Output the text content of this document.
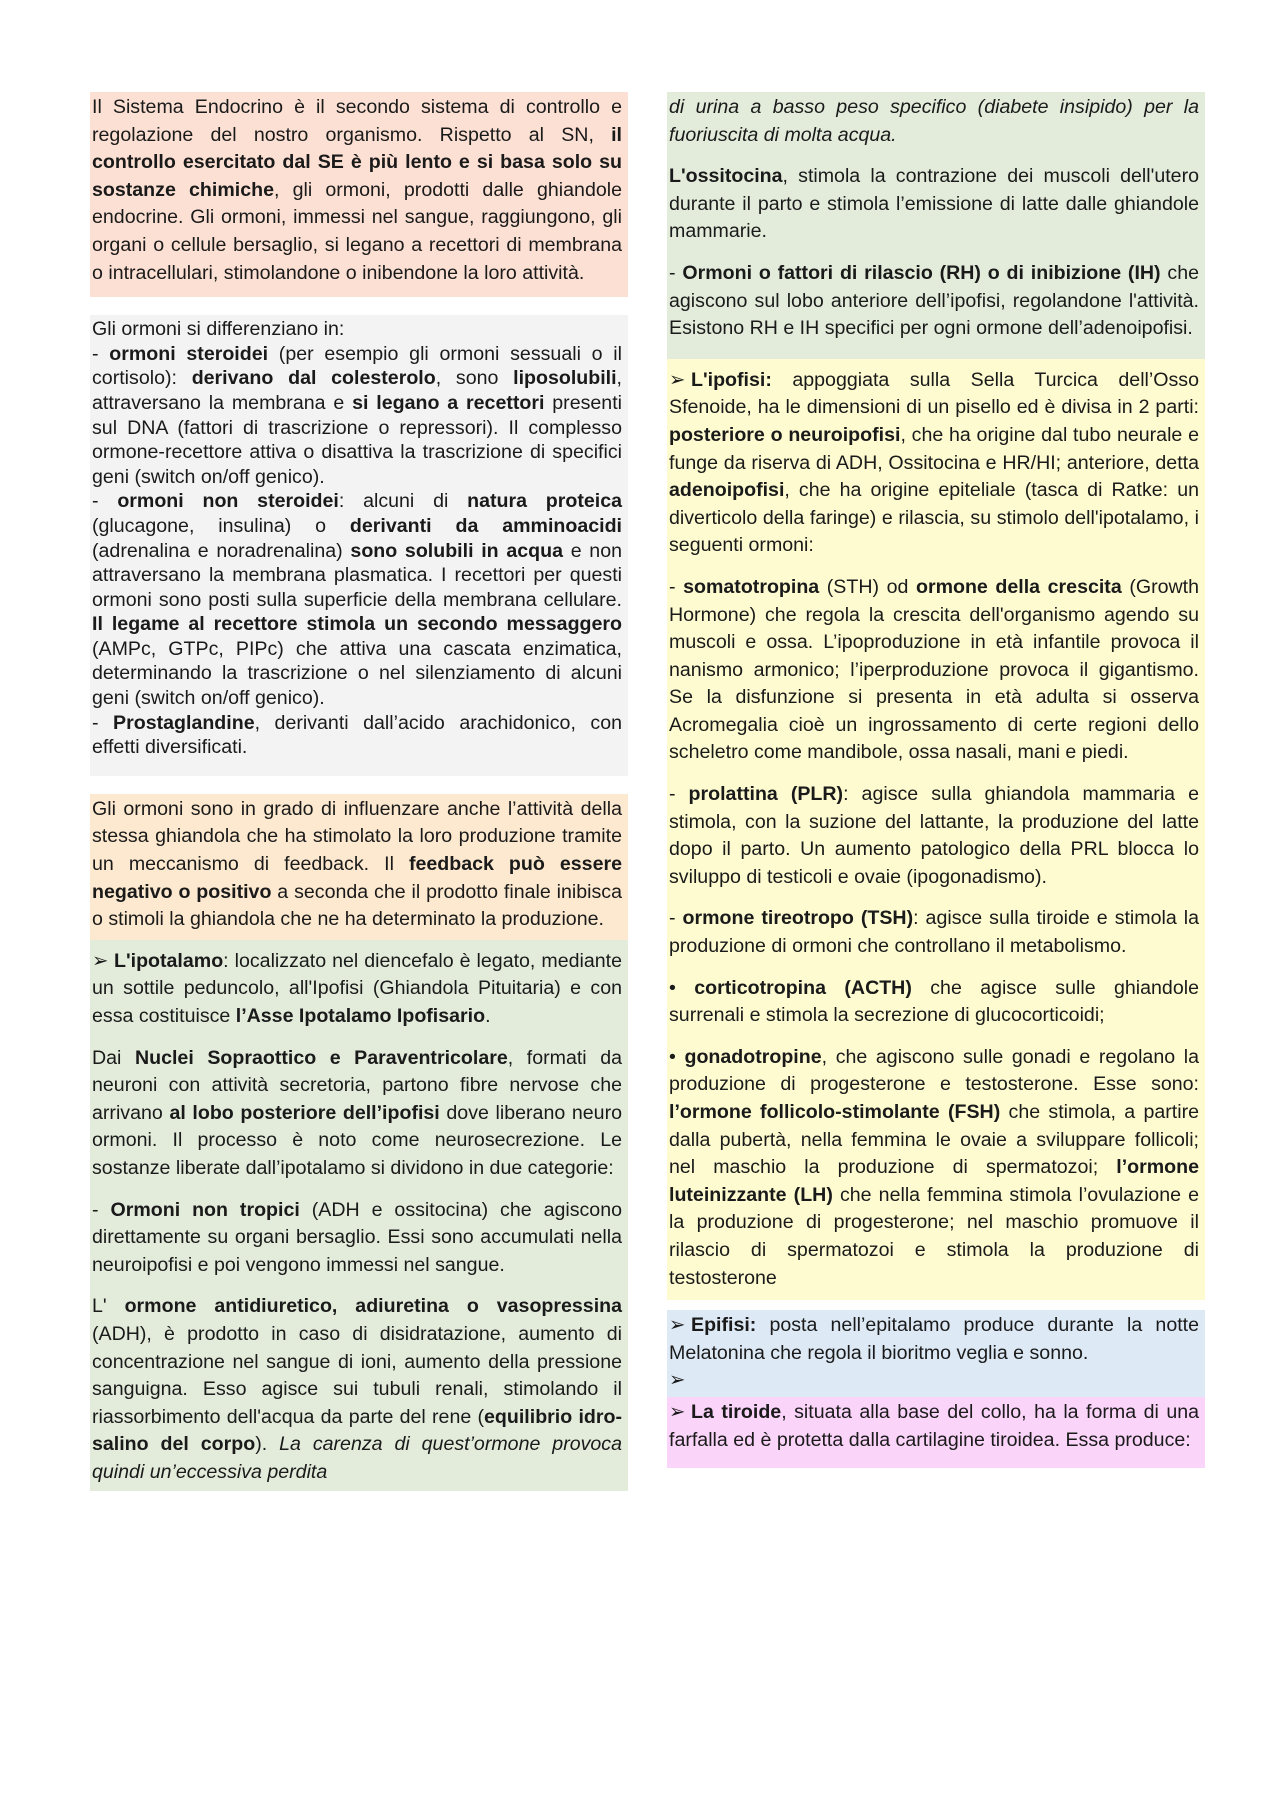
Il Sistema Endocrino è il secondo sistema di controllo e regolazione del nostro organismo. Rispetto al SN, il controllo esercitato dal SE è più lento e si basa solo su sostanze chimiche, gli ormoni, prodotti dalle ghiandole endocrine. Gli ormoni, immessi nel sangue, raggiungono, gli organi o cellule bersaglio, si legano a recettori di membrana o intracellulari, stimolandone o inibendone la loro attività.

Gli ormoni si differenziano in:

- ormoni steroidei (per esempio gli ormoni sessuali o il cortisolo): derivano dal colesterolo, sono liposolubili, attraversano la membrana e si legano a recettori presenti sul DNA (fattori di trascrizione o repressori). Il complesso ormone-recettore attiva o disattiva la trascrizione di specifici geni (switch on/off genico).

- ormoni non steroidei: alcuni di natura proteica (glucagone, insulina) o derivanti da amminoacidi (adrenalina e noradrenalina) sono solubili in acqua e non attraversano la membrana plasmatica. I recettori per questi ormoni sono posti sulla superficie della membrana cellulare. Il legame al recettore stimola un secondo messaggero (AMPc, GTPc, PIPc) che attiva una cascata enzimatica, determinando la trascrizione o nel silenziamento di alcuni geni (switch on/off genico).

- Prostaglandine, derivanti dall’acido arachidonico, con effetti diversificati.

Gli ormoni sono in grado di influenzare anche l’attività della stessa ghiandola che ha stimolato la loro produzione tramite un meccanismo di feedback. Il feedback può essere negativo o positivo a seconda che il prodotto finale inibisca o stimoli la ghiandola che ne ha determinato la produzione.

➢L'ipotalamo: localizzato nel diencefalo è legato, mediante un sottile peduncolo, all'Ipofisi (Ghiandola Pituitaria) e con essa costituisce l’Asse Ipotalamo Ipofisario.

Dai Nuclei Sopraottico e Paraventricolare, formati da neuroni con attività secretoria, partono fibre nervose che arrivano al lobo posteriore dell’ipofisi dove liberano neuro ormoni. Il processo è noto come neurosecrezione. Le sostanze liberate dall’ipotalamo si dividono in due categorie:

- Ormoni non tropici (ADH e ossitocina) che agiscono direttamente su organi bersaglio. Essi sono accumulati nella neuroipofisi e poi vengono immessi nel sangue.

L' ormone antidiuretico, adiuretina o vasopressina (ADH), è prodotto in caso di disidratazione, aumento di concentrazione nel sangue di ioni, aumento della pressione sanguigna. Esso agisce sui tubuli renali, stimolando il riassorbimento dell'acqua da parte del rene (equilibrio idro-salino del corpo). La carenza di quest’ormone provoca quindi un’eccessiva perdita

di urina a basso peso specifico (diabete insipido) per la fuoriuscita di molta acqua.

L'ossitocina, stimola la contrazione dei muscoli dell'utero durante il parto e stimola l’emissione di latte dalle ghiandole mammarie.

- Ormoni o fattori di rilascio (RH) o di inibizione (IH) che agiscono sul lobo anteriore dell’ipofisi, regolandone l'attività. Esistono RH e IH specifici per ogni ormone dell’adenoipofisi.

➢L'ipofisi: appoggiata sulla Sella Turcica dell’Osso Sfenoide, ha le dimensioni di un pisello ed è divisa in 2 parti: posteriore o neuroipofisi, che ha origine dal tubo neurale e funge da riserva di ADH, Ossitocina e HR/HI; anteriore, detta adenoipofisi, che ha origine epiteliale (tasca di Ratke: un diverticolo della faringe) e rilascia, su stimolo dell'ipotalamo, i seguenti ormoni:

- somatotropina (STH) od ormone della crescita (Growth Hormone) che regola la crescita dell'organismo agendo su muscoli e ossa. L’ipoproduzione in età infantile provoca il nanismo armonico; l’iperproduzione provoca il gigantismo. Se la disfunzione si presenta in età adulta si osserva Acromegalia cioè un ingrossamento di certe regioni dello scheletro come mandibole, ossa nasali, mani e piedi.

- prolattina (PLR): agisce sulla ghiandola mammaria e stimola, con la suzione del lattante, la produzione del latte dopo il parto. Un aumento patologico della PRL blocca lo sviluppo di testicoli e ovaie (ipogonadismo).

- ormone tireotropo (TSH): agisce sulla tiroide e stimola la produzione di ormoni che controllano il metabolismo.

• corticotropina (ACTH) che agisce sulle ghiandole surrenali e stimola la secrezione di glucocorticoidi;

• gonadotropine, che agiscono sulle gonadi e regolano la produzione di progesterone e testosterone. Esse sono: l’ormone follicolo-stimolante (FSH) che stimola, a partire dalla pubertà, nella femmina le ovaie a sviluppare follicoli; nel maschio la produzione di spermatozoi; l’ormone luteinizzante (LH) che nella femmina stimola l’ovulazione e la produzione di progesterone; nel maschio promuove il rilascio di spermatozoi e stimola la produzione di testosterone

➢Epifisi: posta nell’epitalamo produce durante la notte Melatonina che regola il bioritmo veglia e sonno.

➢

➢La tiroide, situata alla base del collo, ha la forma di una farfalla ed è protetta dalla cartilagine tiroidea. Essa produce:
